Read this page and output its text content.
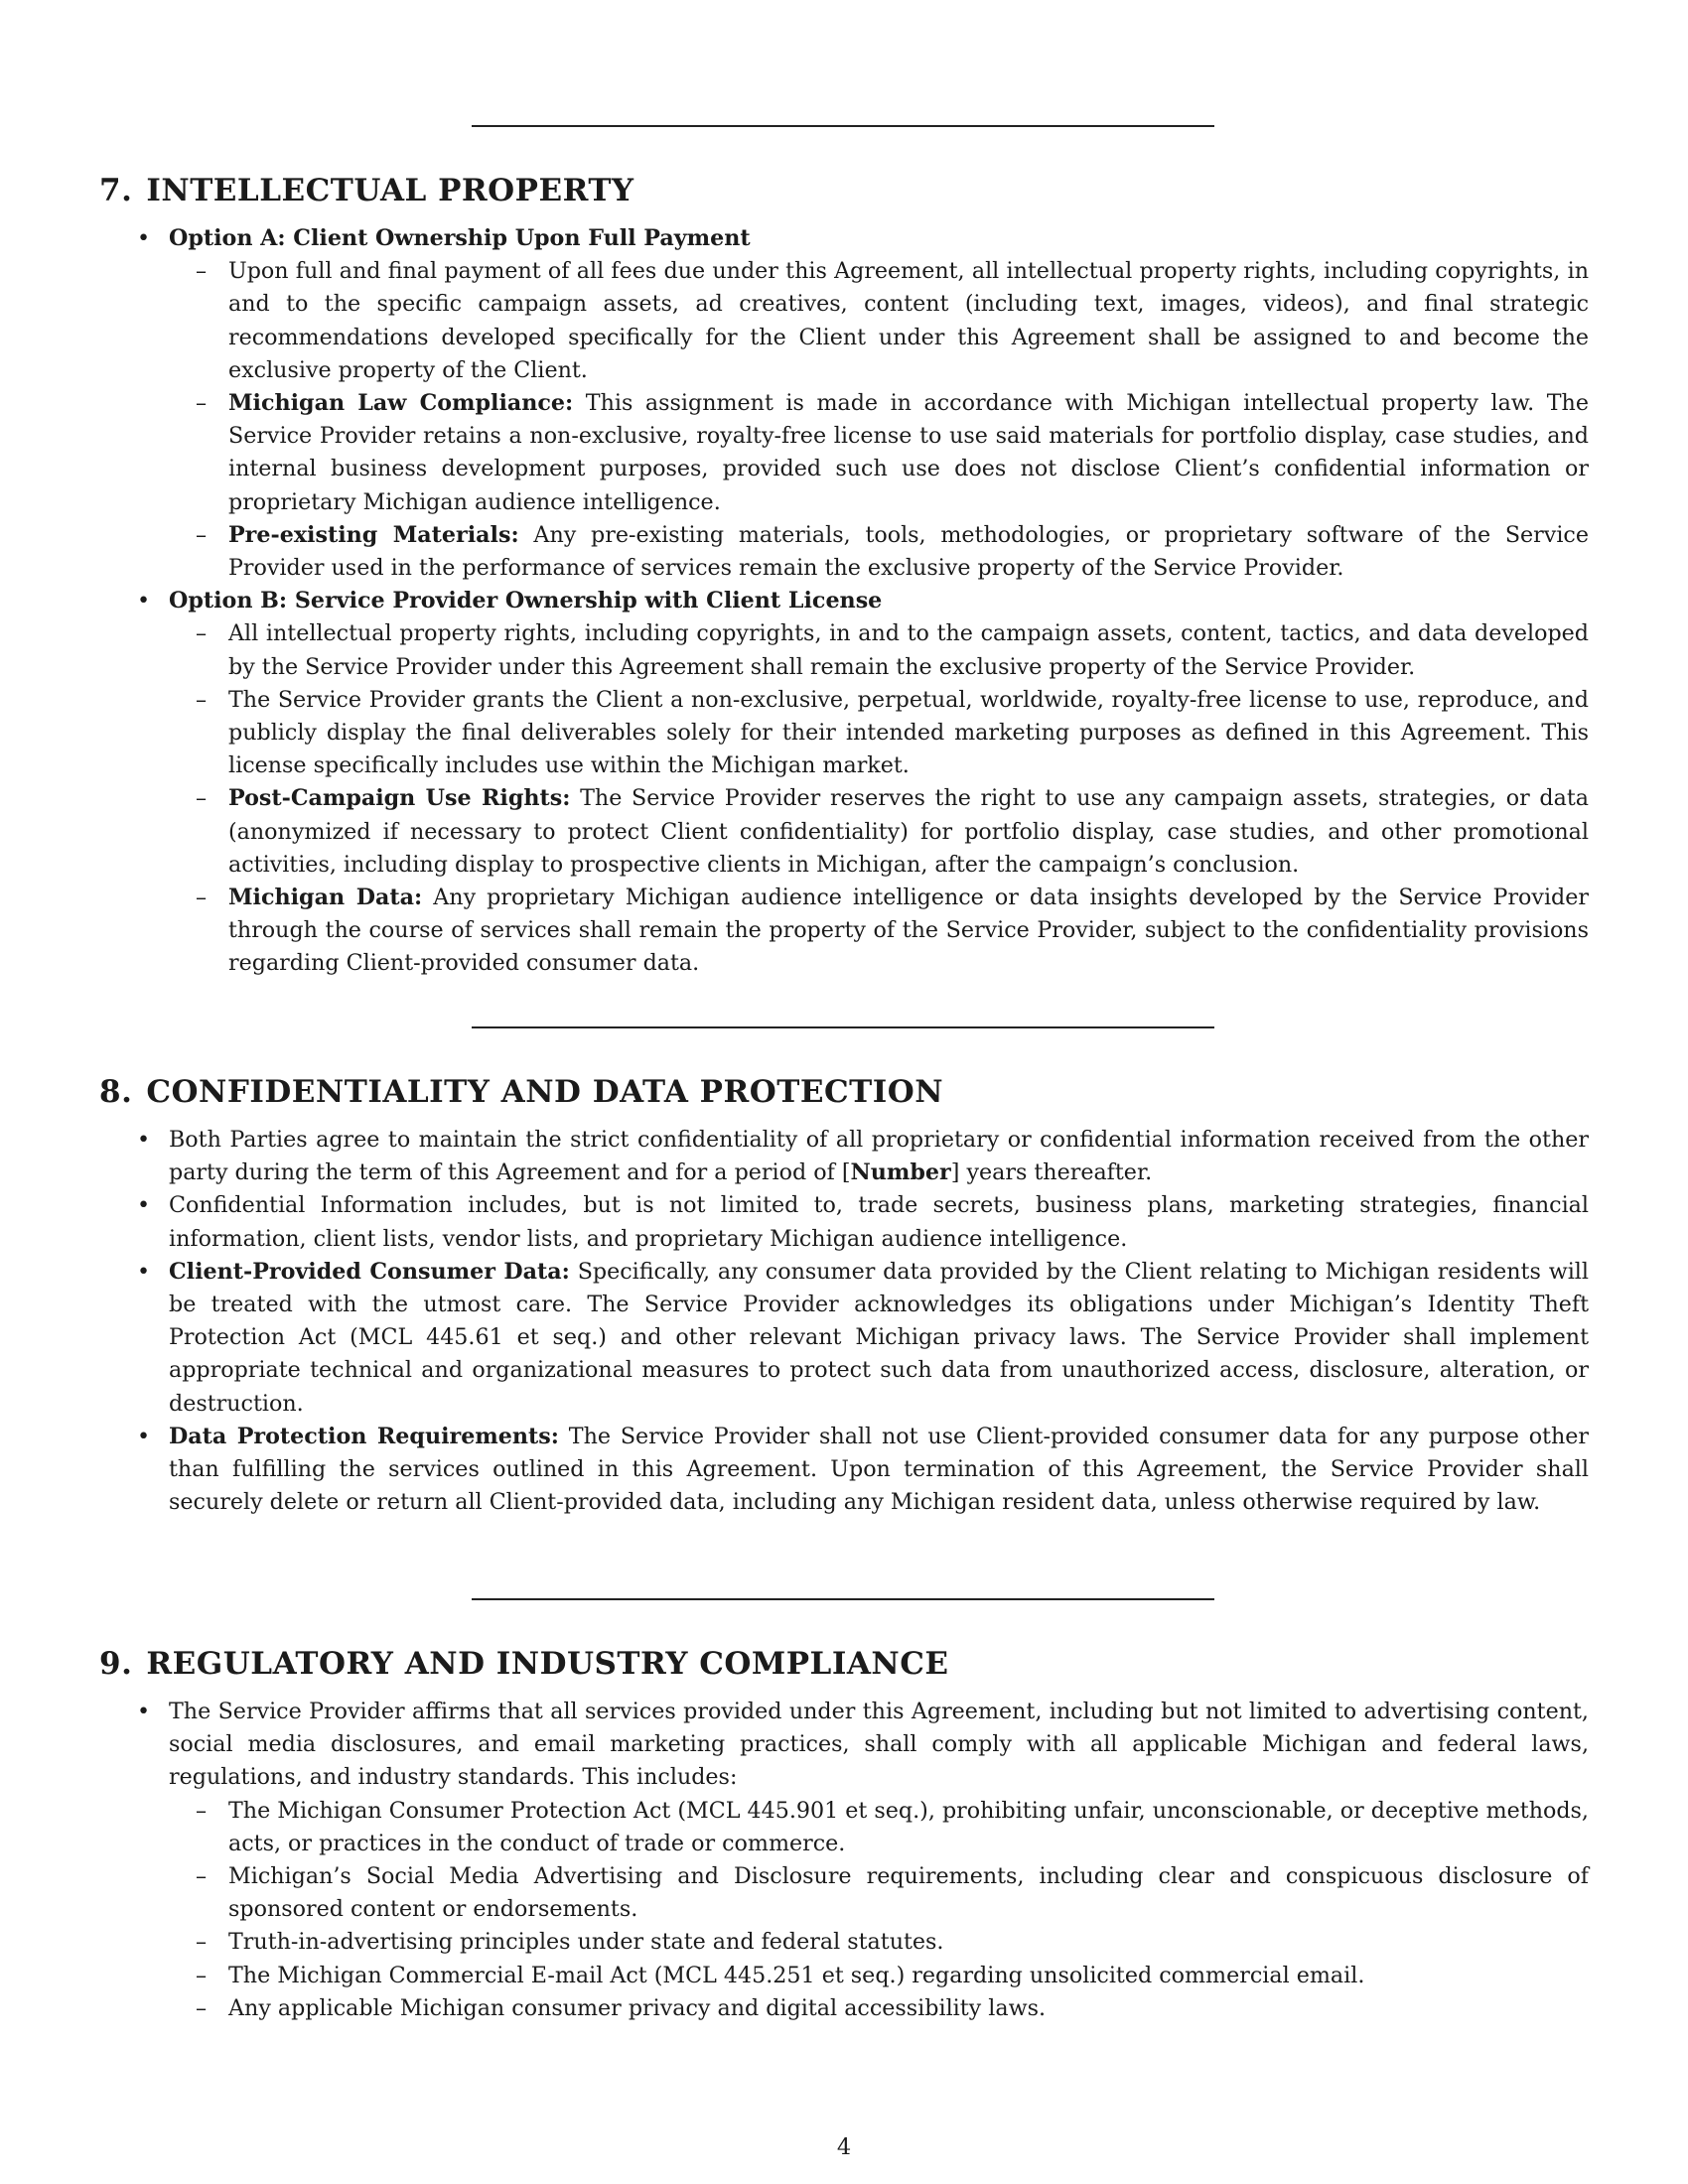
7. INTELLECTUAL PROPERTY
• Option A: Client Ownership Upon Full Payment
– Upon full and final payment of all fees due under this Agreement, all intellectual property rights, including copyrights, in and to the specific campaign assets, ad creatives, content (including text, images, videos), and final strategic recommendations developed specifically for the Client under this Agreement shall be assigned to and become the exclusive property of the Client.
– Michigan Law Compliance: This assignment is made in accordance with Michigan intellectual property law. The Service Provider retains a non-exclusive, royalty-free license to use said materials for portfolio display, case studies, and internal business development purposes, provided such use does not disclose Client’s confidential information or proprietary Michigan audience intelligence.
– Pre-existing Materials: Any pre-existing materials, tools, methodologies, or proprietary software of the Service Provider used in the performance of services remain the exclusive property of the Service Provider.
• Option B: Service Provider Ownership with Client License
– All intellectual property rights, including copyrights, in and to the campaign assets, content, tactics, and data developed by the Service Provider under this Agreement shall remain the exclusive property of the Service Provider.
– The Service Provider grants the Client a non-exclusive, perpetual, worldwide, royalty-free license to use, reproduce, and publicly display the final deliverables solely for their intended marketing purposes as defined in this Agreement. This license specifically includes use within the Michigan market.
– Post-Campaign Use Rights: The Service Provider reserves the right to use any campaign assets, strategies, or data (anonymized if necessary to protect Client confidentiality) for portfolio display, case studies, and other promotional activities, including display to prospective clients in Michigan, after the campaign’s conclusion.
– Michigan Data: Any proprietary Michigan audience intelligence or data insights developed by the Service Provider through the course of services shall remain the property of the Service Provider, subject to the confidentiality provisions regarding Client-provided consumer data.
8. CONFIDENTIALITY AND DATA PROTECTION
• Both Parties agree to maintain the strict confidentiality of all proprietary or confidential information received from the other party during the term of this Agreement and for a period of [Number] years thereafter.
• Confidential Information includes, but is not limited to, trade secrets, business plans, marketing strategies, financial information, client lists, vendor lists, and proprietary Michigan audience intelligence.
• Client-Provided Consumer Data: Specifically, any consumer data provided by the Client relating to Michigan residents will be treated with the utmost care. The Service Provider acknowledges its obligations under Michigan’s Identity Theft Protection Act (MCL 445.61 et seq.) and other relevant Michigan privacy laws. The Service Provider shall implement appropriate technical and organizational measures to protect such data from unauthorized access, disclosure, alteration, or destruction.
• Data Protection Requirements: The Service Provider shall not use Client-provided consumer data for any purpose other than fulfilling the services outlined in this Agreement. Upon termination of this Agreement, the Service Provider shall securely delete or return all Client-provided data, including any Michigan resident data, unless otherwise required by law.
9. REGULATORY AND INDUSTRY COMPLIANCE
• The Service Provider affirms that all services provided under this Agreement, including but not limited to advertising content, social media disclosures, and email marketing practices, shall comply with all applicable Michigan and federal laws, regulations, and industry standards. This includes:
– The Michigan Consumer Protection Act (MCL 445.901 et seq.), prohibiting unfair, unconscionable, or deceptive methods, acts, or practices in the conduct of trade or commerce.
– Michigan’s Social Media Advertising and Disclosure requirements, including clear and conspicuous disclosure of sponsored content or endorsements.
– Truth-in-advertising principles under state and federal statutes.
– The Michigan Commercial E-mail Act (MCL 445.251 et seq.) regarding unsolicited commercial email.
– Any applicable Michigan consumer privacy and digital accessibility laws.
4
